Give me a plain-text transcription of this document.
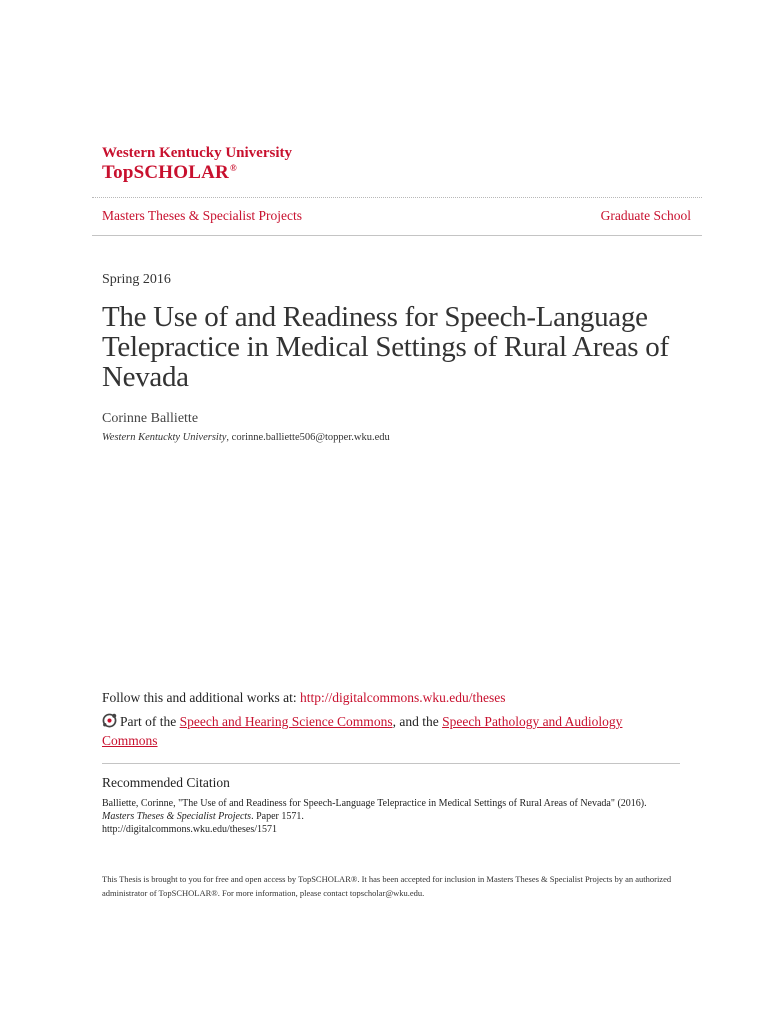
Western Kentucky University
TopSCHOLAR®
Masters Theses & Specialist Projects	Graduate School
Spring 2016
The Use of and Readiness for Speech-Language Telepractice in Medical Settings of Rural Areas of Nevada
Corinne Balliette
Western Kentuckty University, corinne.balliette506@topper.wku.edu
Follow this and additional works at: http://digitalcommons.wku.edu/theses
Part of the Speech and Hearing Science Commons, and the Speech Pathology and Audiology Commons
Recommended Citation
Balliette, Corinne, "The Use of and Readiness for Speech-Language Telepractice in Medical Settings of Rural Areas of Nevada" (2016).
Masters Theses & Specialist Projects. Paper 1571.
http://digitalcommons.wku.edu/theses/1571
This Thesis is brought to you for free and open access by TopSCHOLAR®. It has been accepted for inclusion in Masters Theses & Specialist Projects by an authorized administrator of TopSCHOLAR®. For more information, please contact topscholar@wku.edu.
